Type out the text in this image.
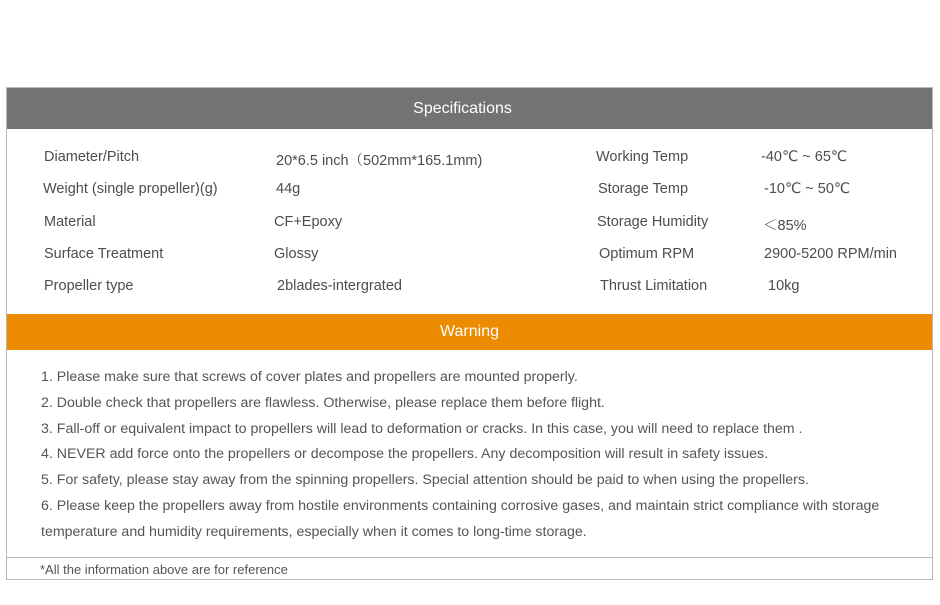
Specifications
Diameter/Pitch	20*6.5 inch（502mm*165.1mm)	Working Temp	-40℃ ~ 65℃
Weight (single propeller)(g)	44g	Storage Temp	-10℃ ~ 50℃
Material	CF+Epoxy	Storage Humidity	＜85%
Surface Treatment	Glossy	Optimum RPM	2900-5200 RPM/min
Propeller type	2blades-intergrated	Thrust Limitation	10kg
Warning
1. Please make sure that screws of cover plates and propellers are mounted properly.
2. Double check that propellers are flawless. Otherwise, please replace them before flight.
3. Fall-off or equivalent impact to propellers will lead to deformation or cracks. In this case, you will need to replace them .
4. NEVER add force onto the propellers or decompose the propellers. Any decomposition will result in safety issues.
5. For safety, please stay away from the spinning propellers. Special attention should be paid to when using the propellers.
6. Please keep the propellers away from hostile environments containing corrosive gases, and maintain strict compliance with storage temperature and humidity requirements, especially when it comes to long-time storage.
*All the information above are for reference
